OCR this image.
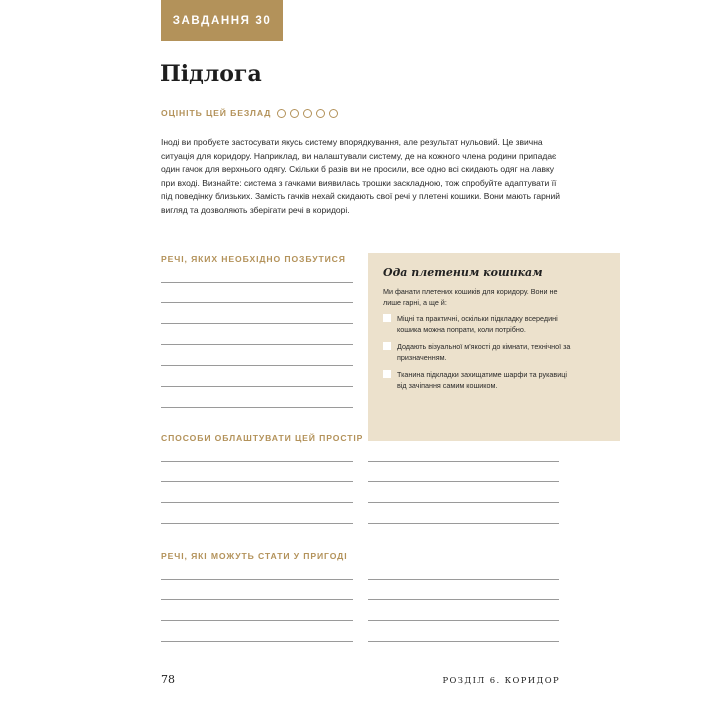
ЗАВДАННЯ 30
Підлога
ОЦІНІТЬ ЦЕЙ БЕЗЛАД

Іноді ви пробуєте застосувати якусь систему впорядкування, але результат нульовий. Це звична ситуація для коридору. Наприклад, ви налаштували систему, де на кожного члена родини припадає один гачок для верхнього одягу. Скільки б разів ви не просили, все одно всі скидають одяг на лавку при вході. Визнайте: система з гачками виявилась трошки заскладною, тож спробуйте адаптувати її під поведінку близьких. Замість гачків нехай скидають свої речі у плетені кошики. Вони мають гарний вигляд та дозволяють зберігати речі в коридорі.

РЕЧІ, ЯКИХ НЕОБХІДНО ПОЗБУТИСЯ

Ода плетеним кошикам

Ми фанати плетених кошиків для коридору. Вони не лише гарні, а ще й:

Міцні та практичні, оскільки підкладку всередині кошика можна попрати, коли потрібно.
Додають візуальної м'якості до кімнати, технічної за призначенням.
Тканина підкладки захищатиме шарфи та рукавиці від зачіпання самим кошиком.
СПОСОБИ ОБЛАШТУВАТИ ЦЕЙ ПРОСТІР
РЕЧІ, ЯКІ МОЖУТЬ СТАТИ У ПРИГОДІ
78	РОЗДІЛ 6. КОРИДОР
